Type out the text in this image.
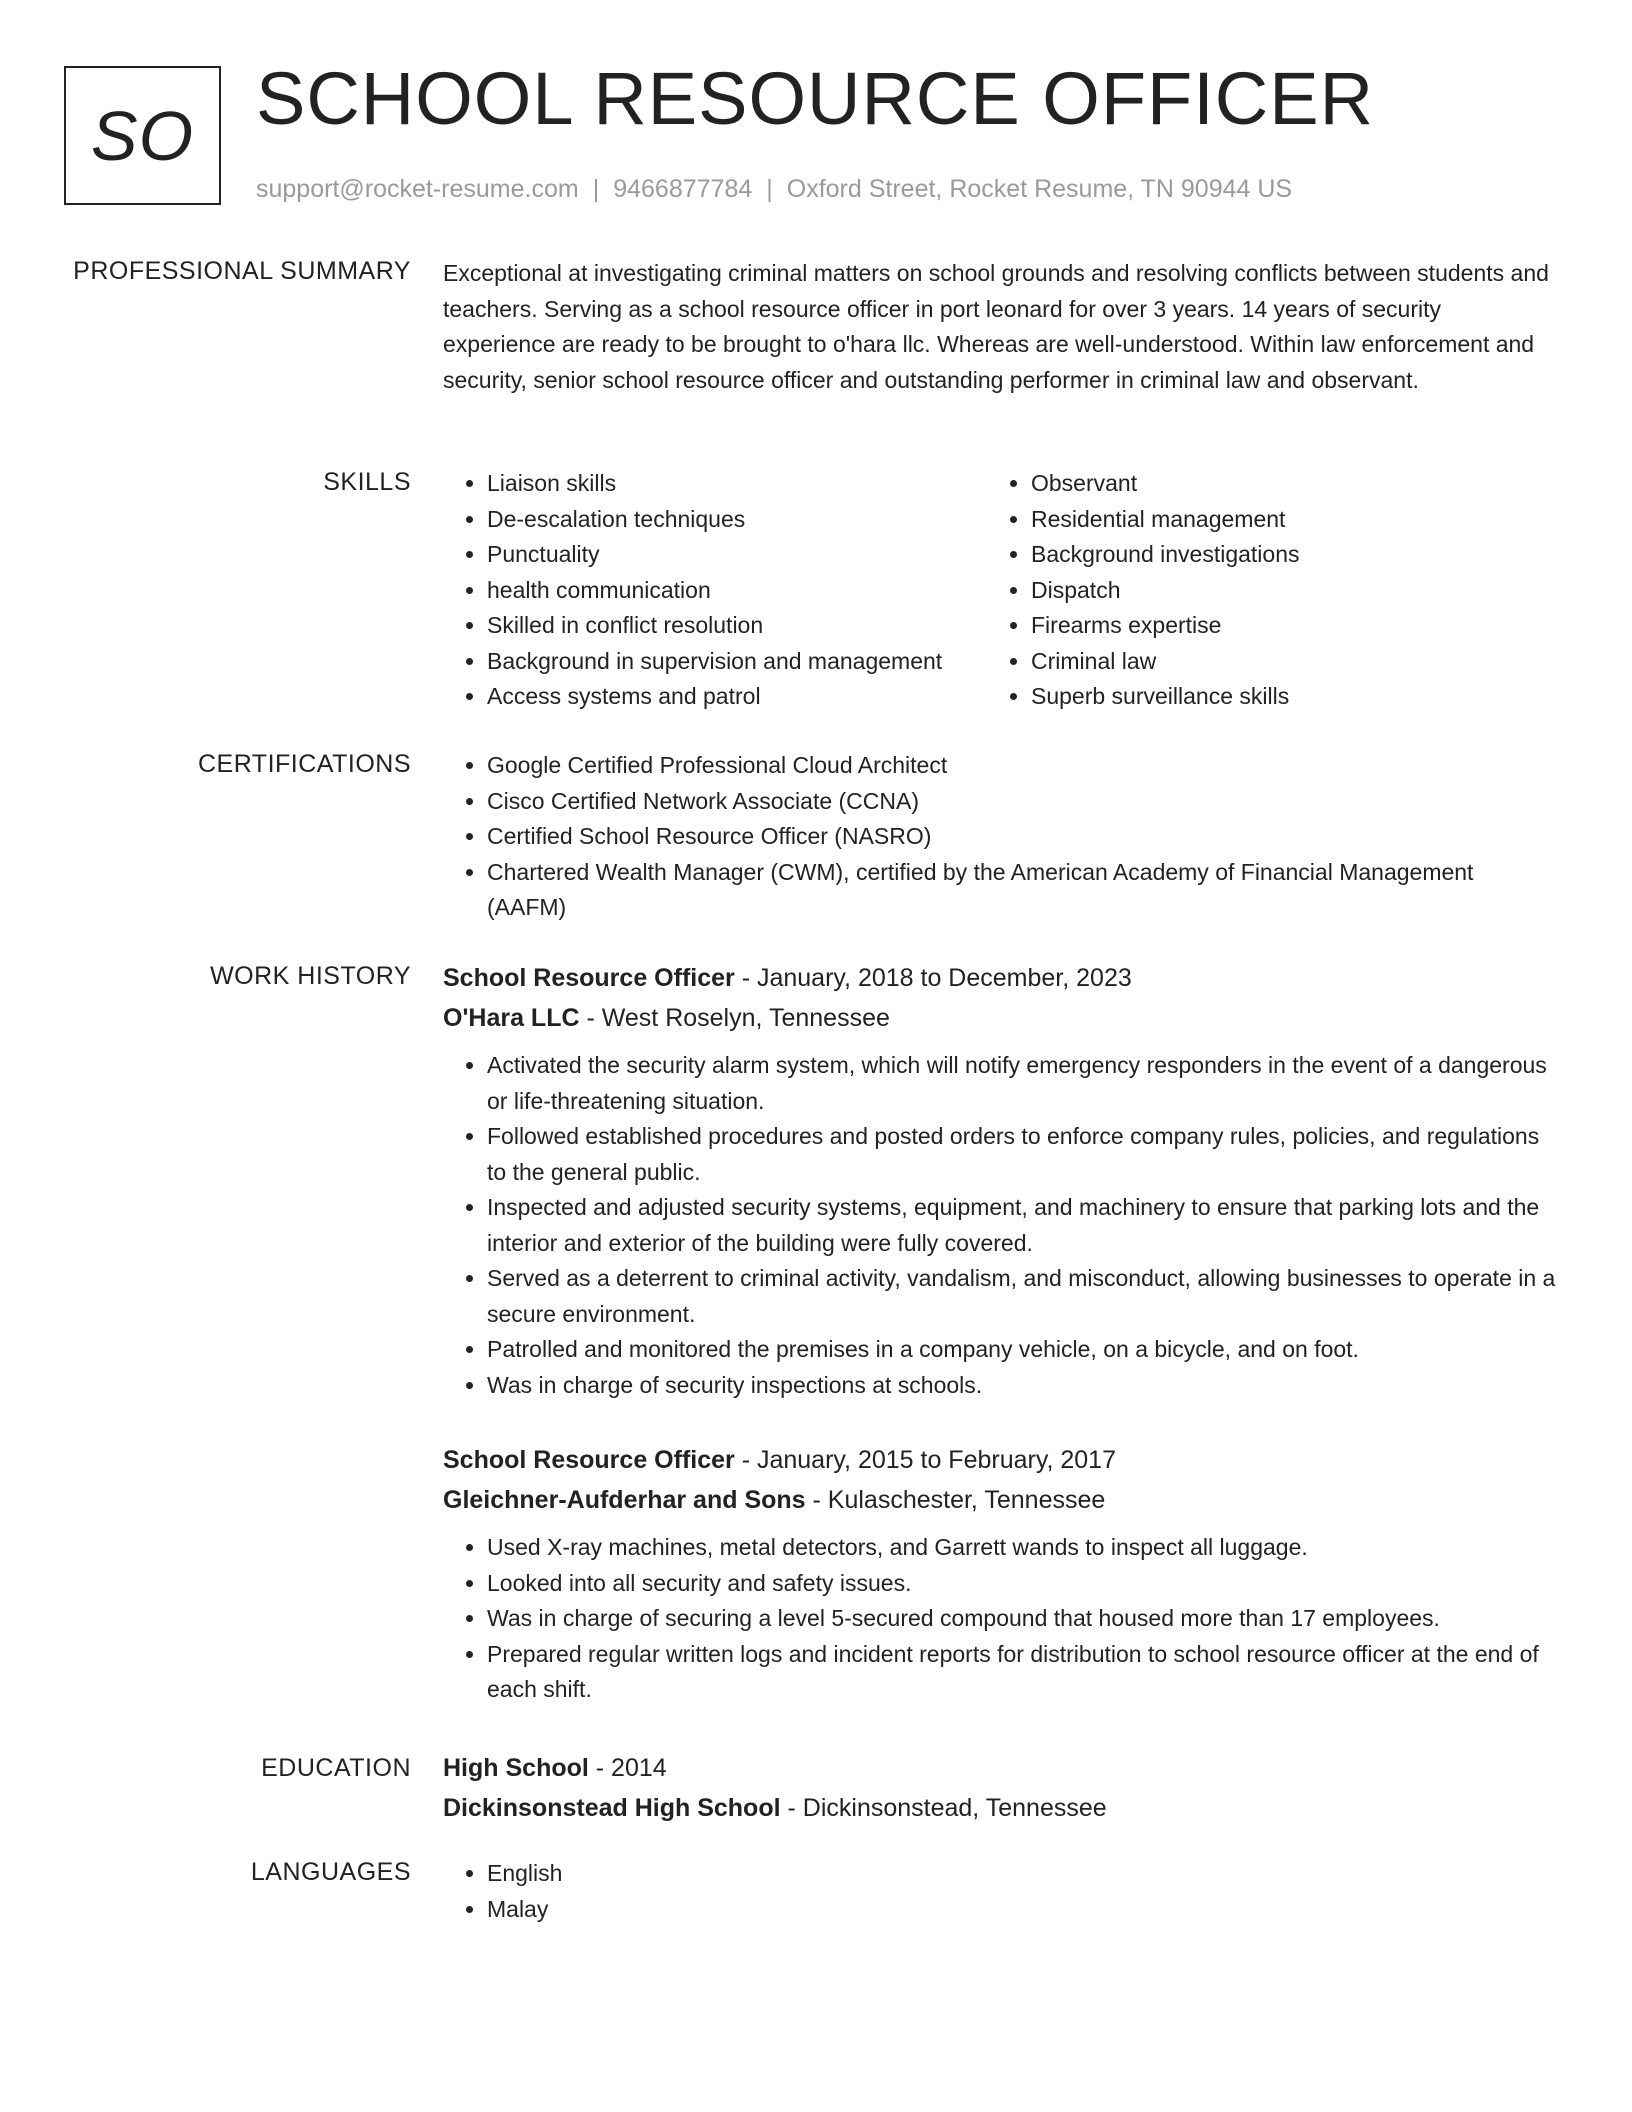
SO SCHOOL RESOURCE OFFICER
support@rocket-resume.com | 9466877784 | Oxford Street, Rocket Resume, TN 90944 US
PROFESSIONAL SUMMARY Exceptional at investigating criminal matters on school grounds and resolving conflicts between students and teachers. Serving as a school resource officer in port leonard for over 3 years. 14 years of security experience are ready to be brought to o'hara llc. Whereas are well-understood. Within law enforcement and security, senior school resource officer and outstanding performer in criminal law and observant.

SKILLS	• Liaison skills
• De-escalation techniques
• Punctuality
• health communication
• Skilled in conflict resolution
• Background in supervision and management
• Access systems and patrol
• Observant
• Residential management
• Background investigations
• Dispatch
• Firearms expertise
• Criminal law
• Superb surveillance skills
CERTIFICATIONS	• Google Certified Professional Cloud Architect
• Cisco Certified Network Associate (CCNA)
• Certified School Resource Officer (NASRO)
• Chartered Wealth Manager (CWM), certified by the American Academy of Financial Management (AAFM)
WORK HISTORY School Resource Officer - January, 2018 to December, 2023
O'Hara LLC - West Roselyn, Tennessee
• Activated the security alarm system, which will notify emergency responders in the event of a dangerous or life-threatening situation.
• Followed established procedures and posted orders to enforce company rules, policies, and regulations to the general public.
• Inspected and adjusted security systems, equipment, and machinery to ensure that parking lots and the interior and exterior of the building were fully covered.
• Served as a deterrent to criminal activity, vandalism, and misconduct, allowing businesses to operate in a secure environment.
• Patrolled and monitored the premises in a company vehicle, on a bicycle, and on foot.
• Was in charge of security inspections at schools.
School Resource Officer - January, 2015 to February, 2017
Gleichner-Aufderhar and Sons - Kulaschester, Tennessee
• Used X-ray machines, metal detectors, and Garrett wands to inspect all luggage.
• Looked into all security and safety issues.
• Was in charge of securing a level 5-secured compound that housed more than 17 employees.
• Prepared regular written logs and incident reports for distribution to school resource officer at the end of each shift.
EDUCATION High School - 2014
Dickinsonstead High School - Dickinsonstead, Tennessee
LANGUAGES	• English
• Malay
